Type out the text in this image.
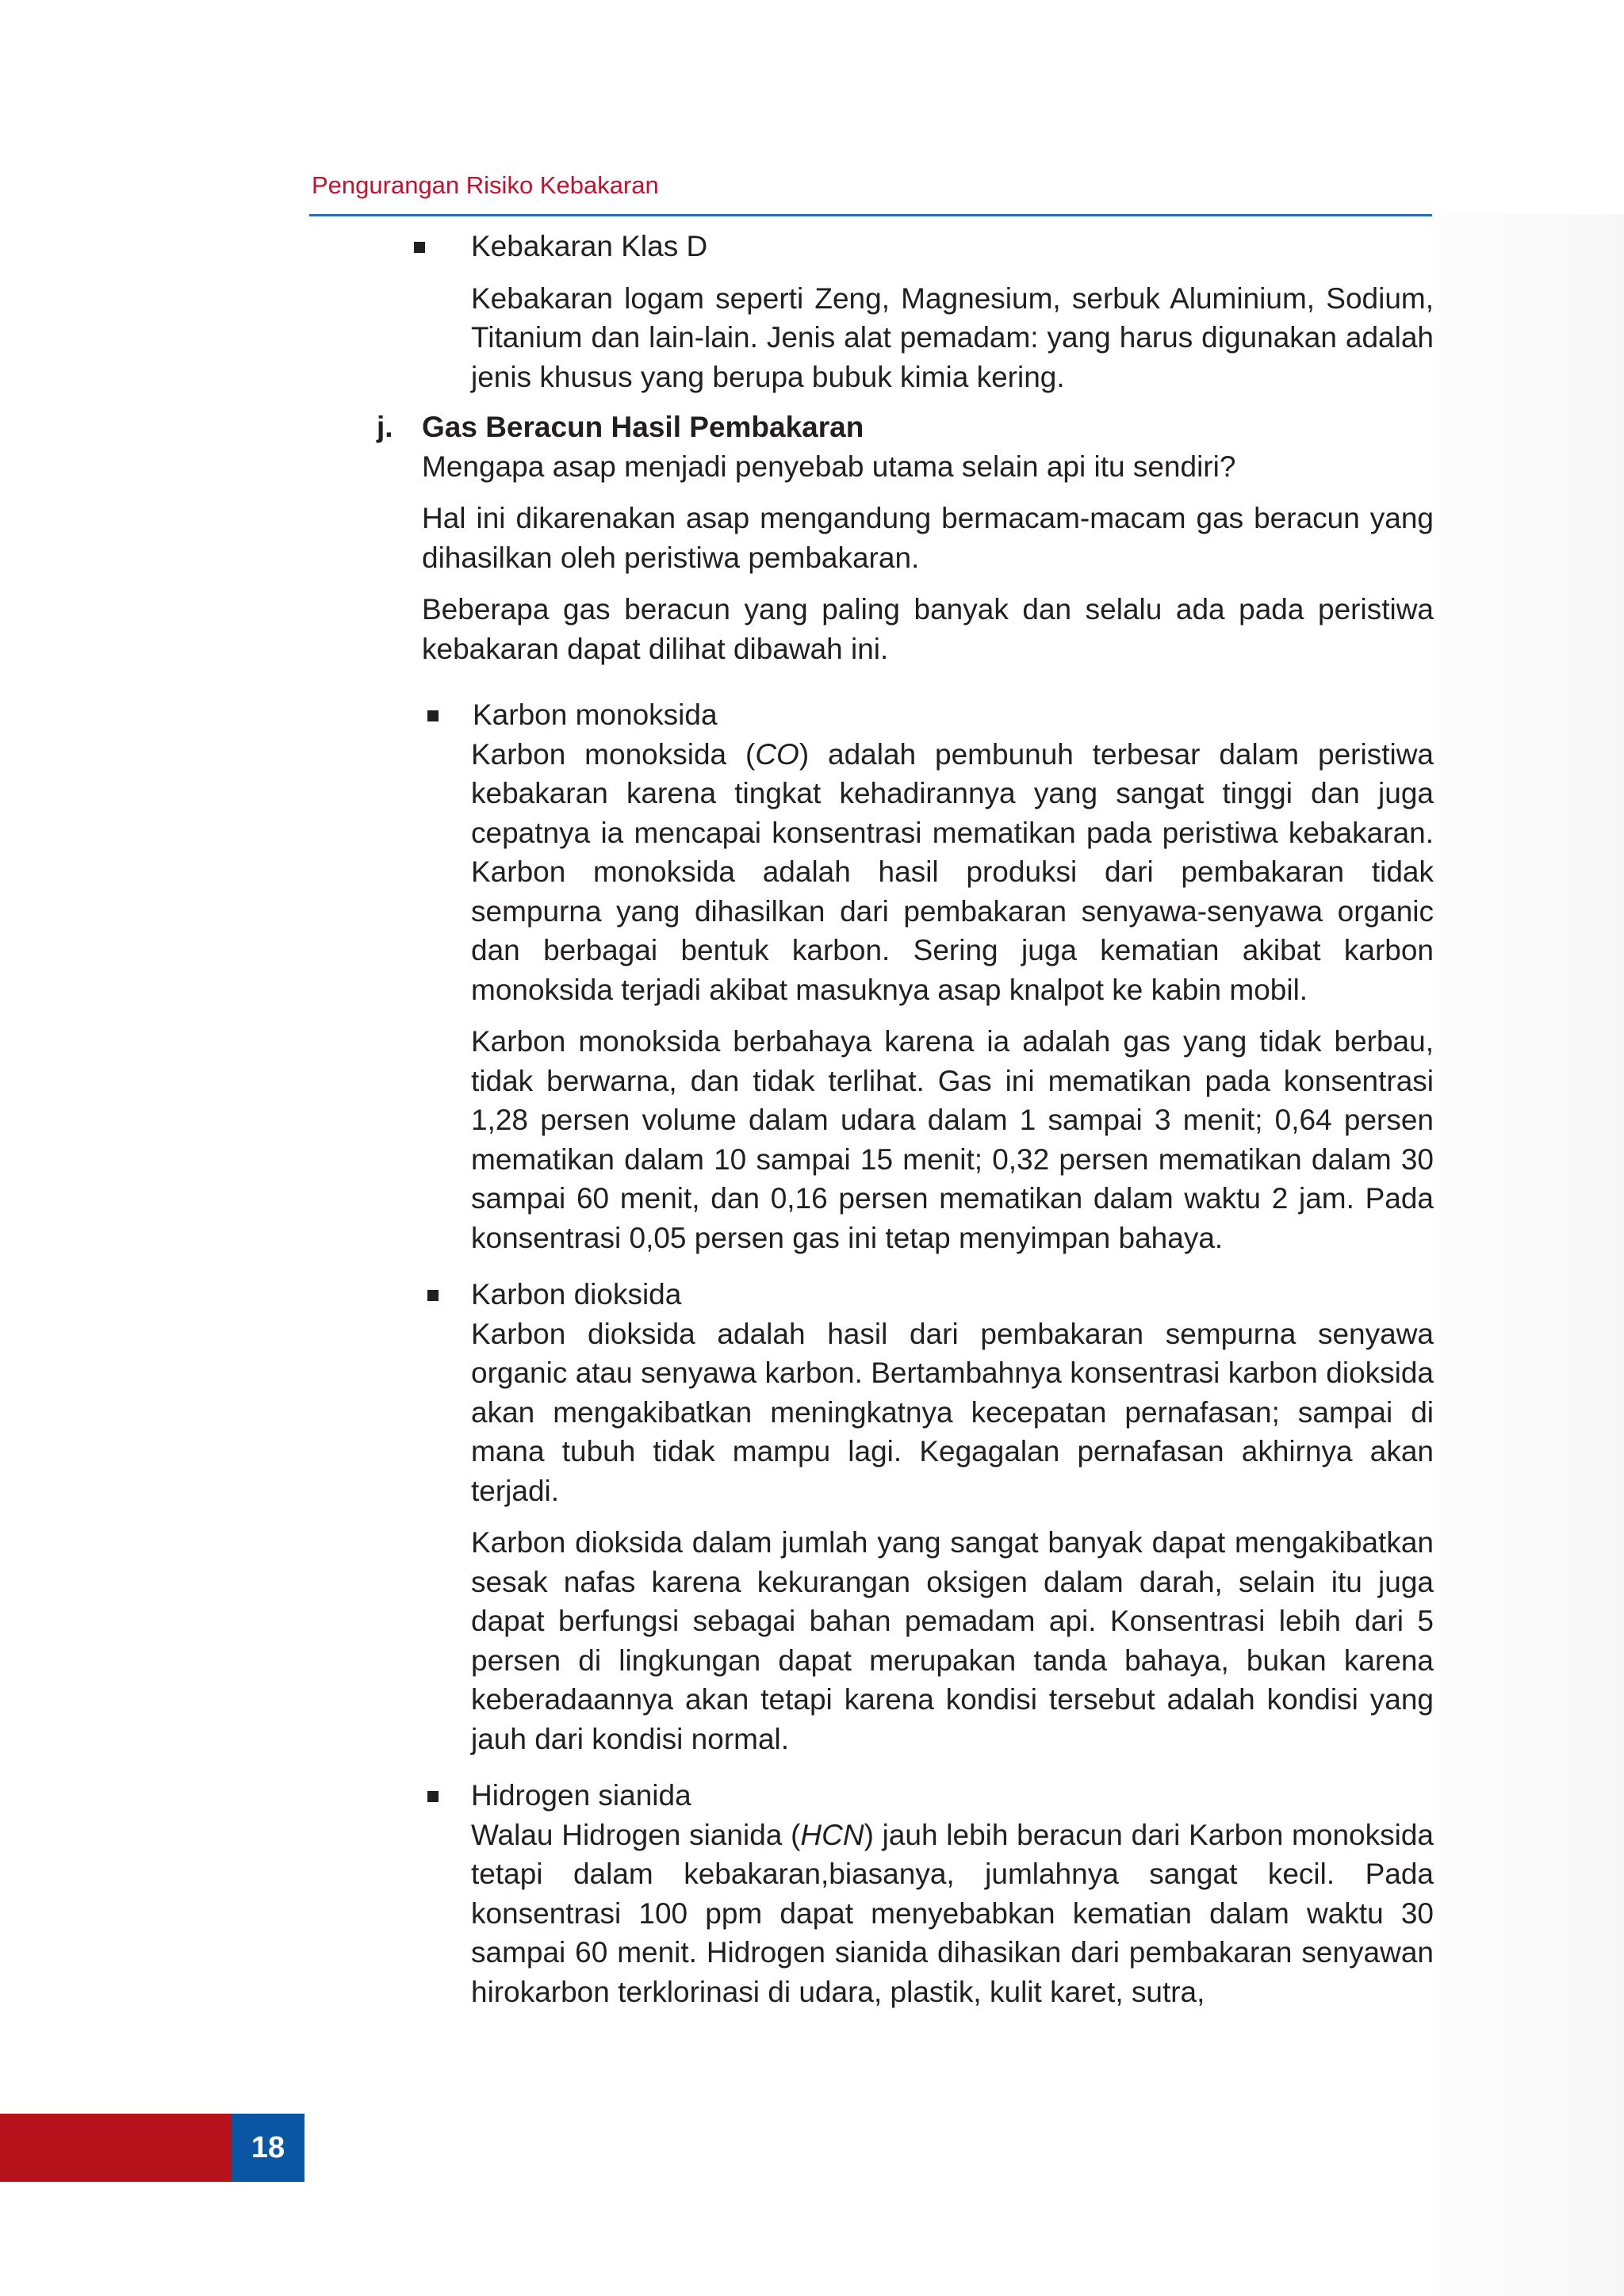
Pengurangan Risiko Kebakaran
Kebakaran Klas D

Kebakaran logam seperti Zeng, Magnesium, serbuk Aluminium, Sodium, Titanium dan lain-lain. Jenis alat pemadam: yang harus digunakan adalah jenis khusus yang berupa bubuk kimia kering.

j. Gas Beracun Hasil Pembakaran

Mengapa asap menjadi penyebab utama selain api itu sendiri?

Hal ini dikarenakan asap mengandung bermacam-macam gas beracun yang dihasilkan oleh peristiwa pembakaran.

Beberapa gas beracun yang paling banyak dan selalu ada pada peristiwa kebakaran dapat dilihat dibawah ini.

Karbon monoksida

Karbon monoksida (CO) adalah pembunuh terbesar dalam peristiwa kebakaran karena tingkat kehadirannya yang sangat tinggi dan juga cepatnya ia mencapai konsentrasi mematikan pada peristiwa kebakaran. Karbon monoksida adalah hasil produksi dari pembakaran tidak sempurna yang dihasilkan dari pembakaran senyawa-senyawa organic dan berbagai bentuk karbon. Sering juga kematian akibat karbon monoksida terjadi akibat masuknya asap knalpot ke kabin mobil.

Karbon monoksida berbahaya karena ia adalah gas yang tidak berbau, tidak berwarna, dan tidak terlihat. Gas ini mematikan pada konsentrasi 1,28 persen volume dalam udara dalam 1 sampai 3 menit; 0,64 persen mematikan dalam 10 sampai 15 menit; 0,32 persen mematikan dalam 30 sampai 60 menit, dan 0,16 persen mematikan dalam waktu 2 jam. Pada konsentrasi 0,05 persen gas ini tetap menyimpan bahaya.

Karbon dioksida

Karbon dioksida adalah hasil dari pembakaran sempurna senyawa organic atau senyawa karbon. Bertambahnya konsentrasi karbon dioksida akan mengakibatkan meningkatnya kecepatan pernafasan; sampai di mana tubuh tidak mampu lagi. Kegagalan pernafasan akhirnya akan terjadi.

Karbon dioksida dalam jumlah yang sangat banyak dapat mengakibatkan sesak nafas karena kekurangan oksigen dalam darah, selain itu juga dapat berfungsi sebagai bahan pemadam api. Konsentrasi lebih dari 5 persen di lingkungan dapat merupakan tanda bahaya, bukan karena keberadaannya akan tetapi karena kondisi tersebut adalah kondisi yang jauh dari kondisi normal.

Hidrogen sianida

Walau Hidrogen sianida (HCN) jauh lebih beracun dari Karbon monoksida tetapi dalam kebakaran,biasanya, jumlahnya sangat kecil. Pada konsentrasi 100 ppm dapat menyebabkan kematian dalam waktu 30 sampai 60 menit. Hidrogen sianida dihasikan dari pembakaran senyawan hirokarbon terklorinasi di udara, plastik, kulit karet, sutra,

18
